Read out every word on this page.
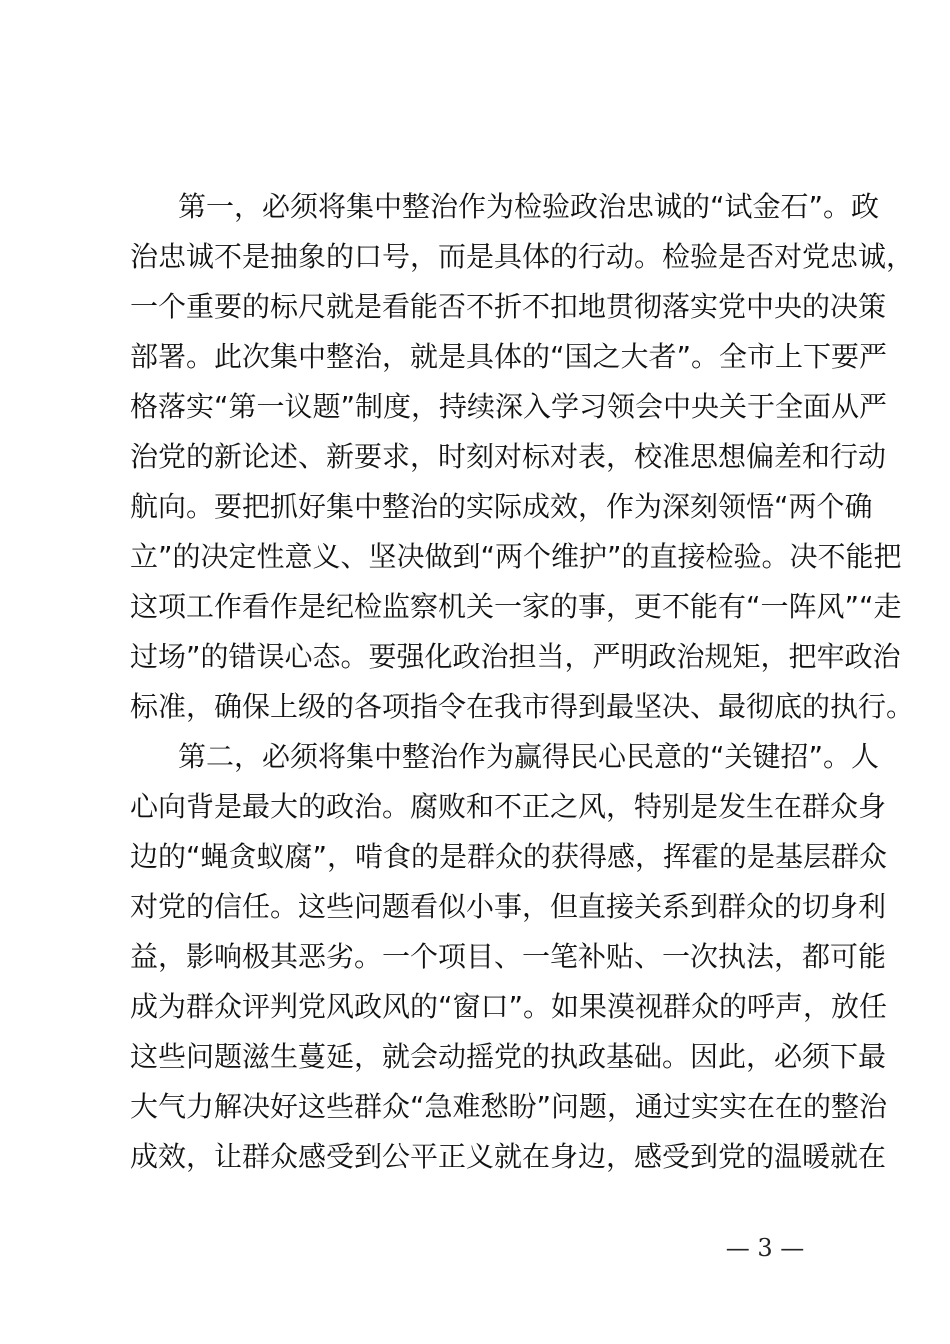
第一，必须将集中整治作为检验政治忠诚的“试金石”。政
治忠诚不是抽象的口号，而是具体的行动。检验是否对党忠诚，
一个重要的标尺就是看能否不折不扣地贯彻落实党中央的决策
部署。此次集中整治，就是具体的“国之大者”。全市上下要严
格落实“第一议题”制度，持续深入学习领会中央关于全面从严
治党的新论述、新要求，时刻对标对表，校准思想偏差和行动
航向。要把抓好集中整治的实际成效，作为深刻领悟“两个确
立”的决定性意义、坚决做到“两个维护”的直接检验。决不能把
这项工作看作是纪检监察机关一家的事，更不能有“一阵风”“走
过场”的错误心态。要强化政治担当，严明政治规矩，把牢政治
标准，确保上级的各项指令在我市得到最坚决、最彻底的执行。
第二，必须将集中整治作为赢得民心民意的“关键招”。人
心向背是最大的政治。腐败和不正之风，特别是发生在群众身
边的“蝇贪蚁腐”，啃食的是群众的获得感，挥霍的是基层群众
对党的信任。这些问题看似小事，但直接关系到群众的切身利
益，影响极其恶劣。一个项目、一笔补贴、一次执法，都可能
成为群众评判党风政风的“窗口”。如果漠视群众的呼声，放任
这些问题滋生蔓延，就会动摇党的执政基础。因此，必须下最
大气力解决好这些群众“急难愁盼”问题，通过实实在在的整治
成效，让群众感受到公平正义就在身边，感受到党的温暖就在
— 3 —
